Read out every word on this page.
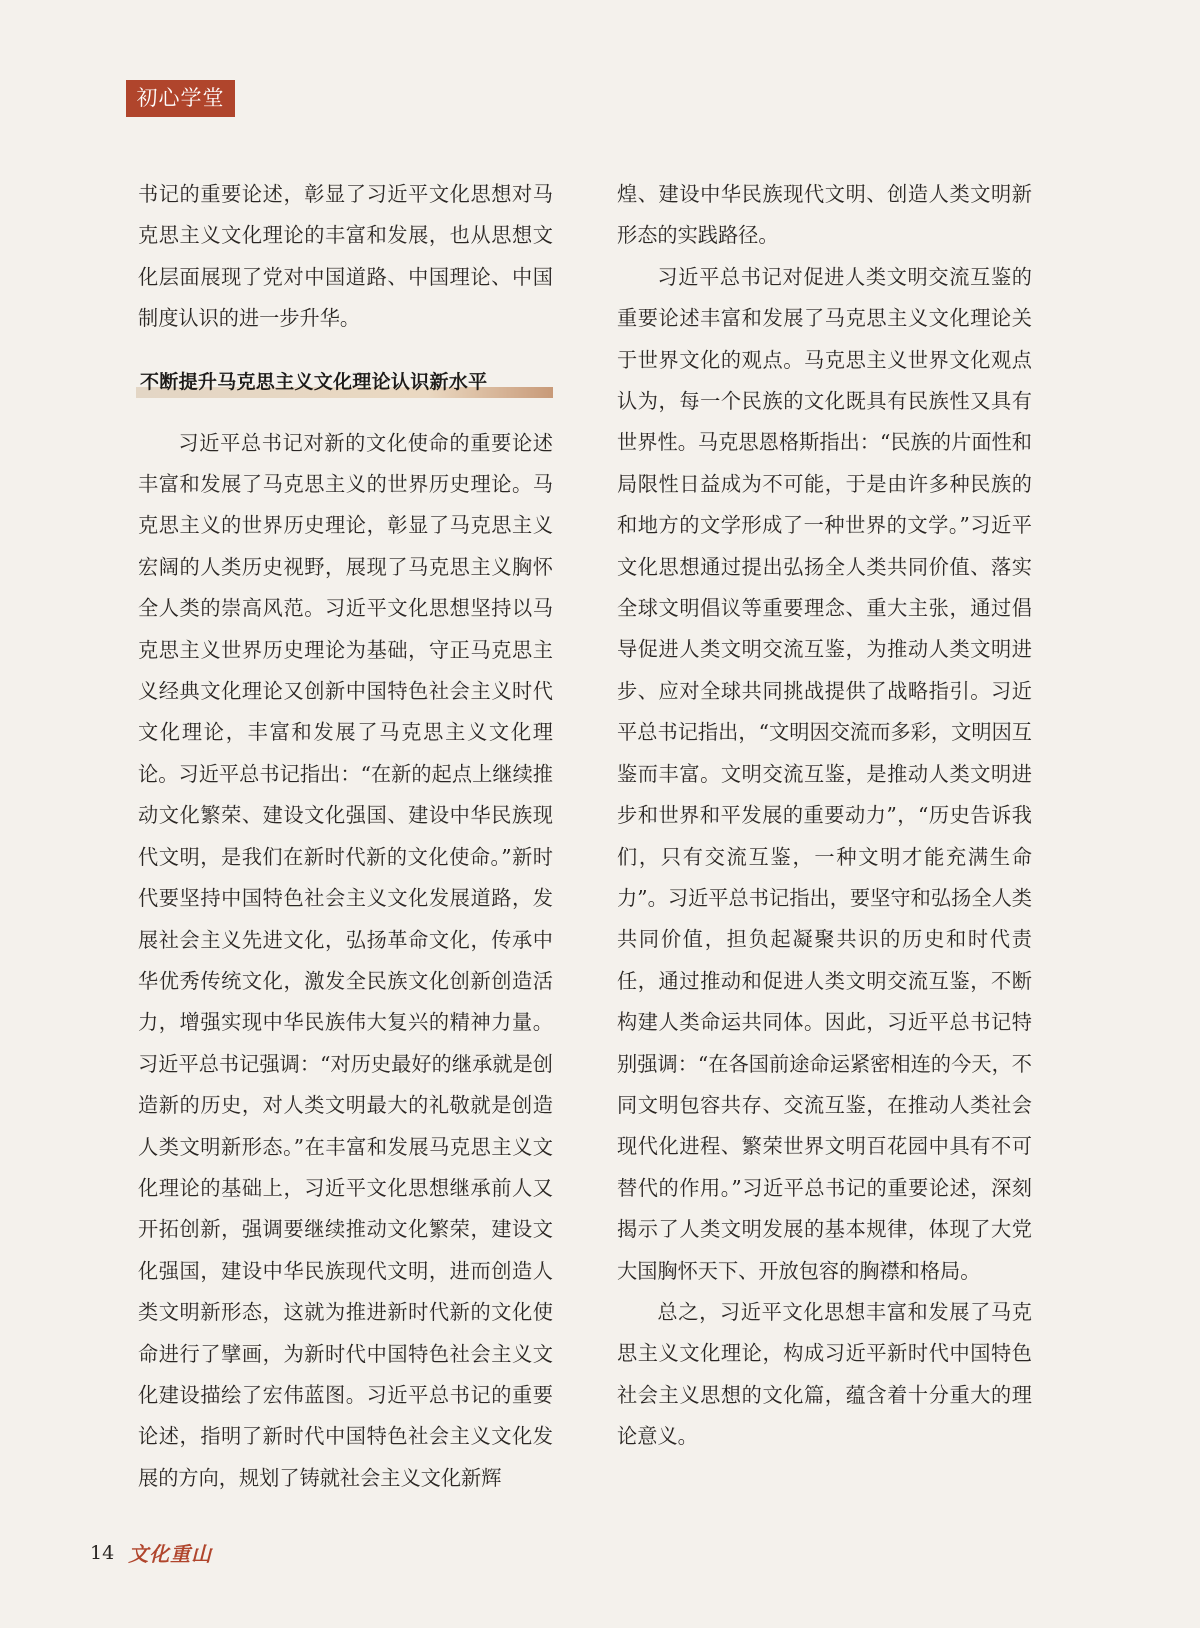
初心学堂

书记的重要论述，彰显了习近平文化思想对马克思主义文化理论的丰富和发展，也从思想文化层面展现了党对中国道路、中国理论、中国制度认识的进一步升华。

不断提升马克思主义文化理论认识新水平

习近平总书记对新的文化使命的重要论述丰富和发展了马克思主义的世界历史理论。马克思主义的世界历史理论，彰显了马克思主义宏阔的人类历史视野，展现了马克思主义胸怀全人类的崇高风范。习近平文化思想坚持以马克思主义世界历史理论为基础，守正马克思主义经典文化理论又创新中国特色社会主义时代文化理论，丰富和发展了马克思主义文化理论。习近平总书记指出：“在新的起点上继续推动文化繁荣、建设文化强国、建设中华民族现代文明，是我们在新时代新的文化使命。”新时代要坚持中国特色社会主义文化发展道路，发展社会主义先进文化，弘扬革命文化，传承中华优秀传统文化，激发全民族文化创新创造活力，增强实现中华民族伟大复兴的精神力量。习近平总书记强调：“对历史最好的继承就是创造新的历史，对人类文明最大的礼敬就是创造人类文明新形态。”在丰富和发展马克思主义文化理论的基础上，习近平文化思想继承前人又开拓创新，强调要继续推动文化繁荣，建设文化强国，建设中华民族现代文明，进而创造人类文明新形态，这就为推进新时代新的文化使命进行了擘画，为新时代中国特色社会主义文化建设描绘了宏伟蓝图。习近平总书记的重要论述，指明了新时代中国特色社会主义文化发展的方向，规划了铸就社会主义文化新辉

煌、建设中华民族现代文明、创造人类文明新形态的实践路径。

习近平总书记对促进人类文明交流互鉴的重要论述丰富和发展了马克思主义文化理论关于世界文化的观点。马克思主义世界文化观点认为，每一个民族的文化既具有民族性又具有世界性。马克思恩格斯指出：“民族的片面性和局限性日益成为不可能，于是由许多种民族的和地方的文学形成了一种世界的文学。”习近平文化思想通过提出弘扬全人类共同价值、落实全球文明倡议等重要理念、重大主张，通过倡导促进人类文明交流互鉴，为推动人类文明进步、应对全球共同挑战提供了战略指引。习近平总书记指出，“文明因交流而多彩，文明因互鉴而丰富。文明交流互鉴，是推动人类文明进步和世界和平发展的重要动力”，“历史告诉我们，只有交流互鉴，一种文明才能充满生命力”。习近平总书记指出，要坚守和弘扬全人类共同价值，担负起凝聚共识的历史和时代责任，通过推动和促进人类文明交流互鉴，不断构建人类命运共同体。因此，习近平总书记特别强调：“在各国前途命运紧密相连的今天，不同文明包容共存、交流互鉴，在推动人类社会现代化进程、繁荣世界文明百花园中具有不可替代的作用。”习近平总书记的重要论述，深刻揭示了人类文明发展的基本规律，体现了大党大国胸怀天下、开放包容的胸襟和格局。

总之，习近平文化思想丰富和发展了马克思主义文化理论，构成习近平新时代中国特色社会主义思想的文化篇，蕴含着十分重大的理论意义。

14 文化重山
